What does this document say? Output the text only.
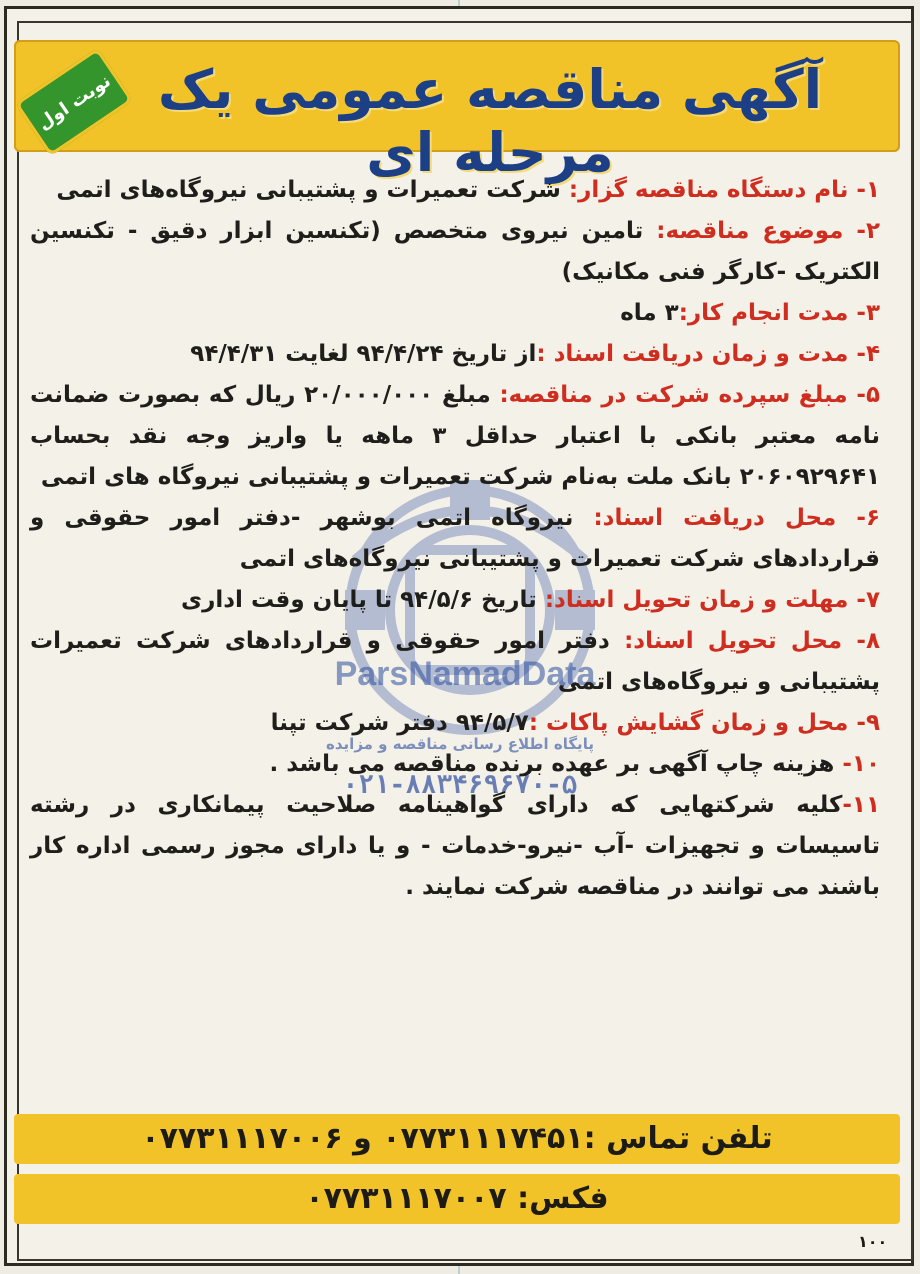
آگهی مناقصه عمومی یک مرحله ای
نوبت اول
ParsNamadData
پایگاه اطلاع رسانی مناقصه و مزایده
۰۲۱-۸۸۳۴۶۹۶۷۰-۵

۱- نام دستگاه مناقصه گزار: شرکت تعمیرات و پشتیبانی نیروگاه‌های اتمی

۲- موضوع مناقصه: تامین نیروی متخصص (تکنسین ابزار دقیق - تکنسین الکتریک -کارگر فنی مکانیک)

۳- مدت انجام کار:۳ ماه

۴- مدت و زمان دریافت اسناد :از تاریخ ۹۴/۴/۲۴ لغایت ۹۴/۴/۳۱

۵- مبلغ سپرده شرکت در مناقصه: مبلغ ۲۰/۰۰۰/۰۰۰ ریال که بصورت ضمانت نامه معتبر بانکی با اعتبار حداقل ۳ ماهه یا واریز وجه نقد بحساب ۲۰۶۰۹۲۹۶۴۱ بانک ملت به‌نام شرکت تعمیرات و پشتیبانی نیروگاه های اتمی

۶- محل دریافت اسناد: نیروگاه اتمی بوشهر -دفتر امور حقوقی و قراردادهای شرکت تعمیرات و پشتیبانی نیروگاه‌های اتمی

۷- مهلت و زمان تحویل اسناد: تاریخ ۹۴/۵/۶ تا پایان وقت اداری

۸- محل تحویل اسناد: دفتر امور حقوقی و قراردادهای شرکت تعمیرات پشتیبانی و نیروگاه‌های اتمی

۹- محل و زمان گشایش پاکات :۹۴/۵/۷ دفتر شرکت تپنا

۱۰- هزینه چاپ آگهی بر عهده برنده مناقصه می باشد .

۱۱-کلیه شرکتهایی که دارای گواهینامه صلاحیت پیمانکاری در رشته تاسیسات و تجهیزات -آب -نیرو-خدمات - و یا دارای مجوز رسمی اداره کار باشند می توانند در مناقصه شرکت نمایند .

تلفن تماس :۰۷۷۳۱۱۱۷۴۵۱ و ۰۷۷۳۱۱۱۷۰۰۶
فکس: ۰۷۷۳۱۱۱۷۰۰۷
۱۰۰
